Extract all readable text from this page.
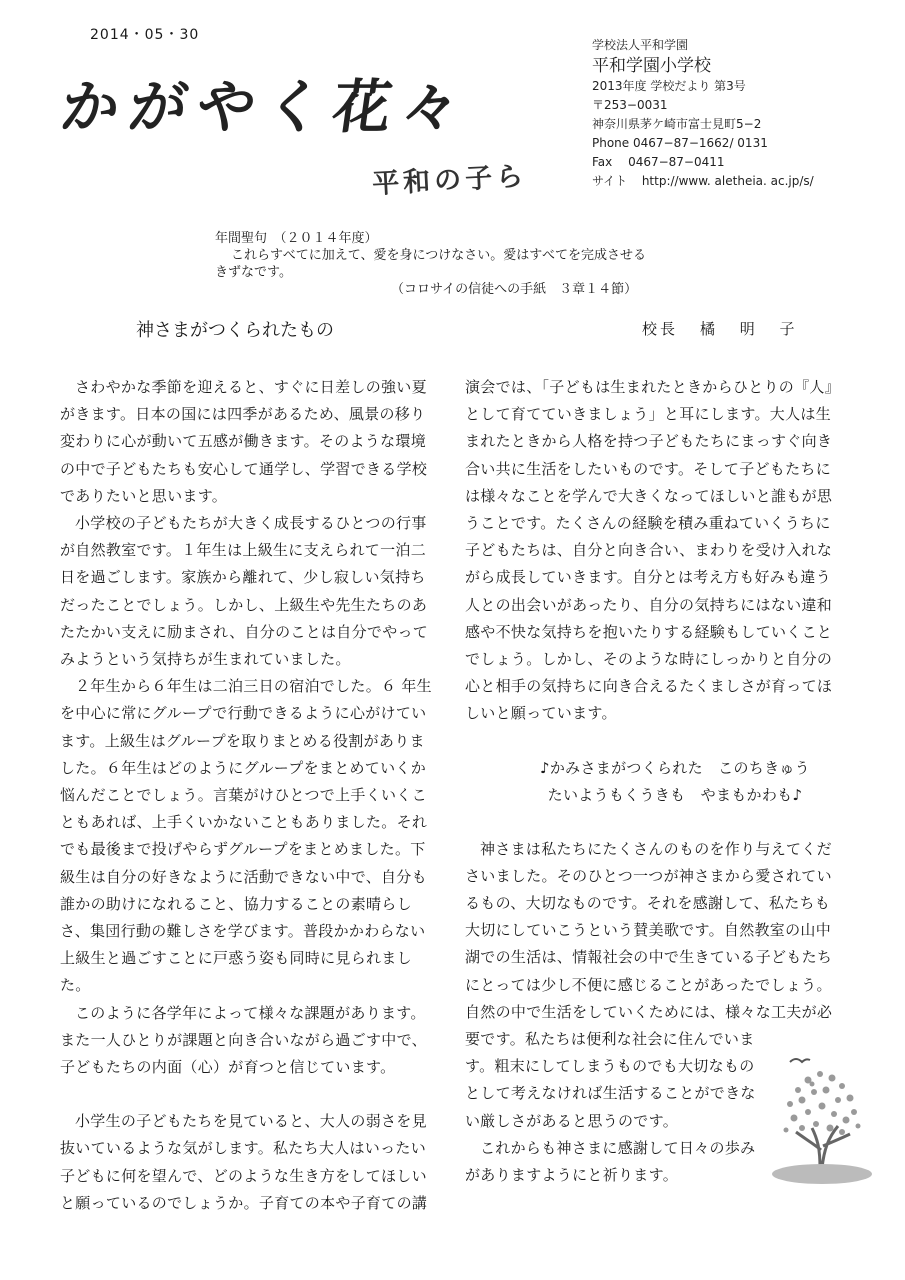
2014・05・30
かがやく花々
平和の子ら
学校法人平和学園
平和学園小学校
2013年度 学校だより 第3号
〒253−0031
神奈川県茅ケ崎市富士見町5−2
Phone 0467−87−1662/ 0131
Fax　 0467−87−0411
サイト http://www. aletheia. ac.jp/s/
年間聖句　（２０１４年度）
これらすべてに加えて、愛を身につけなさい。愛はすべてを完成させる
きずなです。
（コロサイの信徒への手紙　３章１４節）
神さまがつくられたもの	校長 橘 明 子

さわやかな季節を迎えると、すぐに日差しの強い夏がきます。日本の国には四季があるため、風景の移り変わりに心が動いて五感が働きます。そのような環境の中で子どもたちも安心して通学し、学習できる学校でありたいと思います。

小学校の子どもたちが大きく成長するひとつの行事が自然教室です。１年生は上級生に支えられて一泊二日を過ごします。家族から離れて、少し寂しい気持ちだったことでしょう。しかし、上級生や先生たちのあたたかい支えに励まされ、自分のことは自分でやってみようという気持ちが生まれていました。

２年生から６年生は二泊三日の宿泊でした。６ 年生を中心に常にグループで行動できるように心がけています。上級生はグループを取りまとめる役割がありました。６年生はどのようにグループをまとめていくか悩んだことでしょう。言葉がけひとつで上手くいくこともあれば、上手くいかないこともありました。それでも最後まで投げやらずグループをまとめました。下級生は自分の好きなように活動できない中で、自分も誰かの助けになれること、協力することの素晴らしさ、集団行動の難しさを学びます。普段かかわらない上級生と過ごすことに戸惑う姿も同時に見られました。

このように各学年によって様々な課題があります。また一人ひとりが課題と向き合いながら過ごす中で、子どもたちの内面（心）が育つと信じています。

小学生の子どもたちを見ていると、大人の弱さを見抜いているような気がします。私たち大人はいったい子どもに何を望んで、どのような生き方をしてほしいと願っているのでしょうか。子育ての本や子育ての講

演会では、「子どもは生まれたときからひとりの『人』として育てていきましょう」と耳にします。大人は生まれたときから人格を持つ子どもたちにまっすぐ向き合い共に生活をしたいものです。そして子どもたちには様々なことを学んで大きくなってほしいと誰もが思うことです。たくさんの経験を積み重ねていくうちに子どもたちは、自分と向き合い、まわりを受け入れながら成長していきます。自分とは考え方も好みも違う人との出会いがあったり、自分の気持ちにはない違和感や不快な気持ちを抱いたりする経験もしていくことでしょう。しかし、そのような時にしっかりと自分の心と相手の気持ちに向き合えるたくましさが育ってほしいと願っています。

♪かみさまがつくられた　このちきゅう
たいようもくうきも　やまもかわも♪

神さまは私たちにたくさんのものを作り与えてくださいました。そのひとつ一つが神さまから愛されているもの、大切なものです。それを感謝して、私たちも大切にしていこうという賛美歌です。自然教室の山中湖での生活は、情報社会の中で生きている子どもたちにとっては少し不便に感じることがあったでしょう。自然の中で生活をしていくためには、様々な工夫が必

要です。私たちは便利な社会に住んでいま
す。粗末にしてしまうものでも大切なもの
として考えなければ生活することができな
い厳しさがあると思うのです。
これからも神さまに感謝して日々の歩み
がありますようにと祈ります。
